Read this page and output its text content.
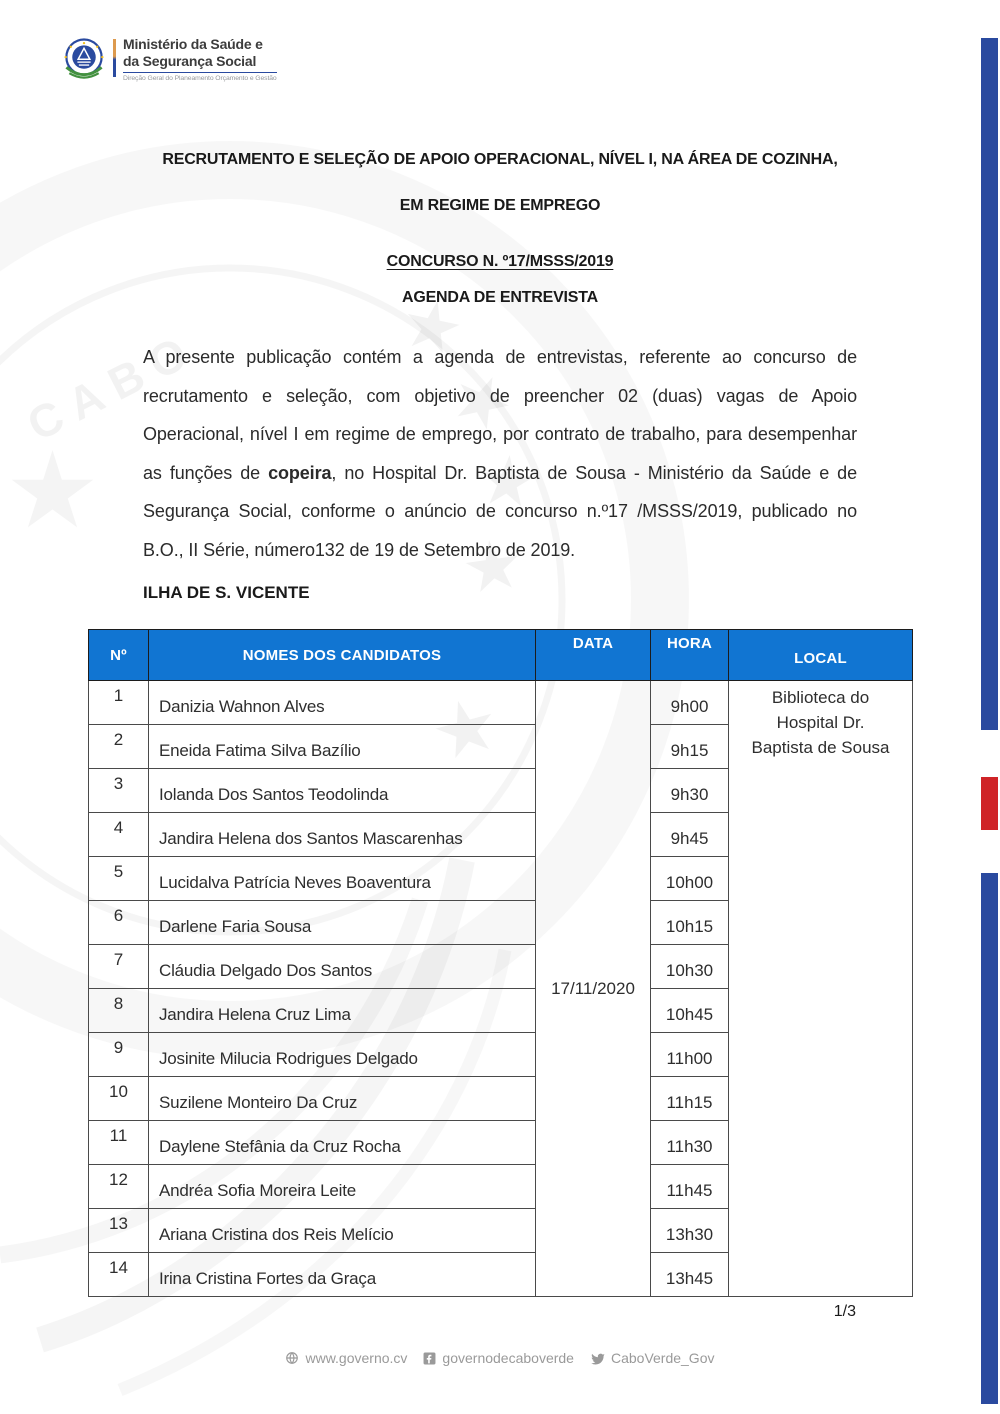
CABO
Ministério da Saúde e
da Segurança Social
Direção Geral do Planeamento Orçamento e Gestão
RECRUTAMENTO E SELEÇÃO DE APOIO OPERACIONAL, NÍVEL I, NA ÁREA DE COZINHA,
EM REGIME DE EMPREGO
CONCURSO N. º17/MSSS/2019
AGENDA DE ENTREVISTA

A presente publicação contém a agenda de entrevistas, referente ao concurso de recrutamento e seleção, com objetivo de preencher 02 (duas) vagas de Apoio Operacional, nível I em regime de emprego, por contrato de trabalho, para desempenhar as funções de copeira, no Hospital Dr. Baptista de Sousa - Ministério da Saúde e de Segurança Social, conforme o anúncio de concurso n.º17 /MSSS/2019, publicado no B.O., II Série, número132 de 19 de Setembro de 2019.

ILHA DE S. VICENTE
Nº	NOMES DOS CANDIDATOS	DATA	HORA	LOCAL
1	Danizia Wahnon Alves	17/11/2020	9h00	Biblioteca do
Hospital Dr.
Baptista de Sousa

2	Eneida Fatima Silva Bazílio		9h15	
3	Iolanda Dos Santos Teodolinda		9h30	
4	Jandira Helena dos Santos Mascarenhas		9h45	
5	Lucidalva Patrícia Neves Boaventura		10h00	
6	Darlene Faria Sousa		10h15	
7	Cláudia Delgado Dos Santos		10h30	
8	Jandira Helena Cruz Lima		10h45	
9	Josinite Milucia Rodrigues Delgado		11h00	
10	Suzilene Monteiro Da Cruz		11h15	
11	Daylene Stefânia da Cruz Rocha		11h30	
12	Andréa Sofia Moreira Leite		11h45	
13	Ariana Cristina dos Reis Melício		13h30	
14	Irina Cristina Fortes da Graça		13h45	
1/3
www.governo.cv	governodecaboverde	CaboVerde_Gov
